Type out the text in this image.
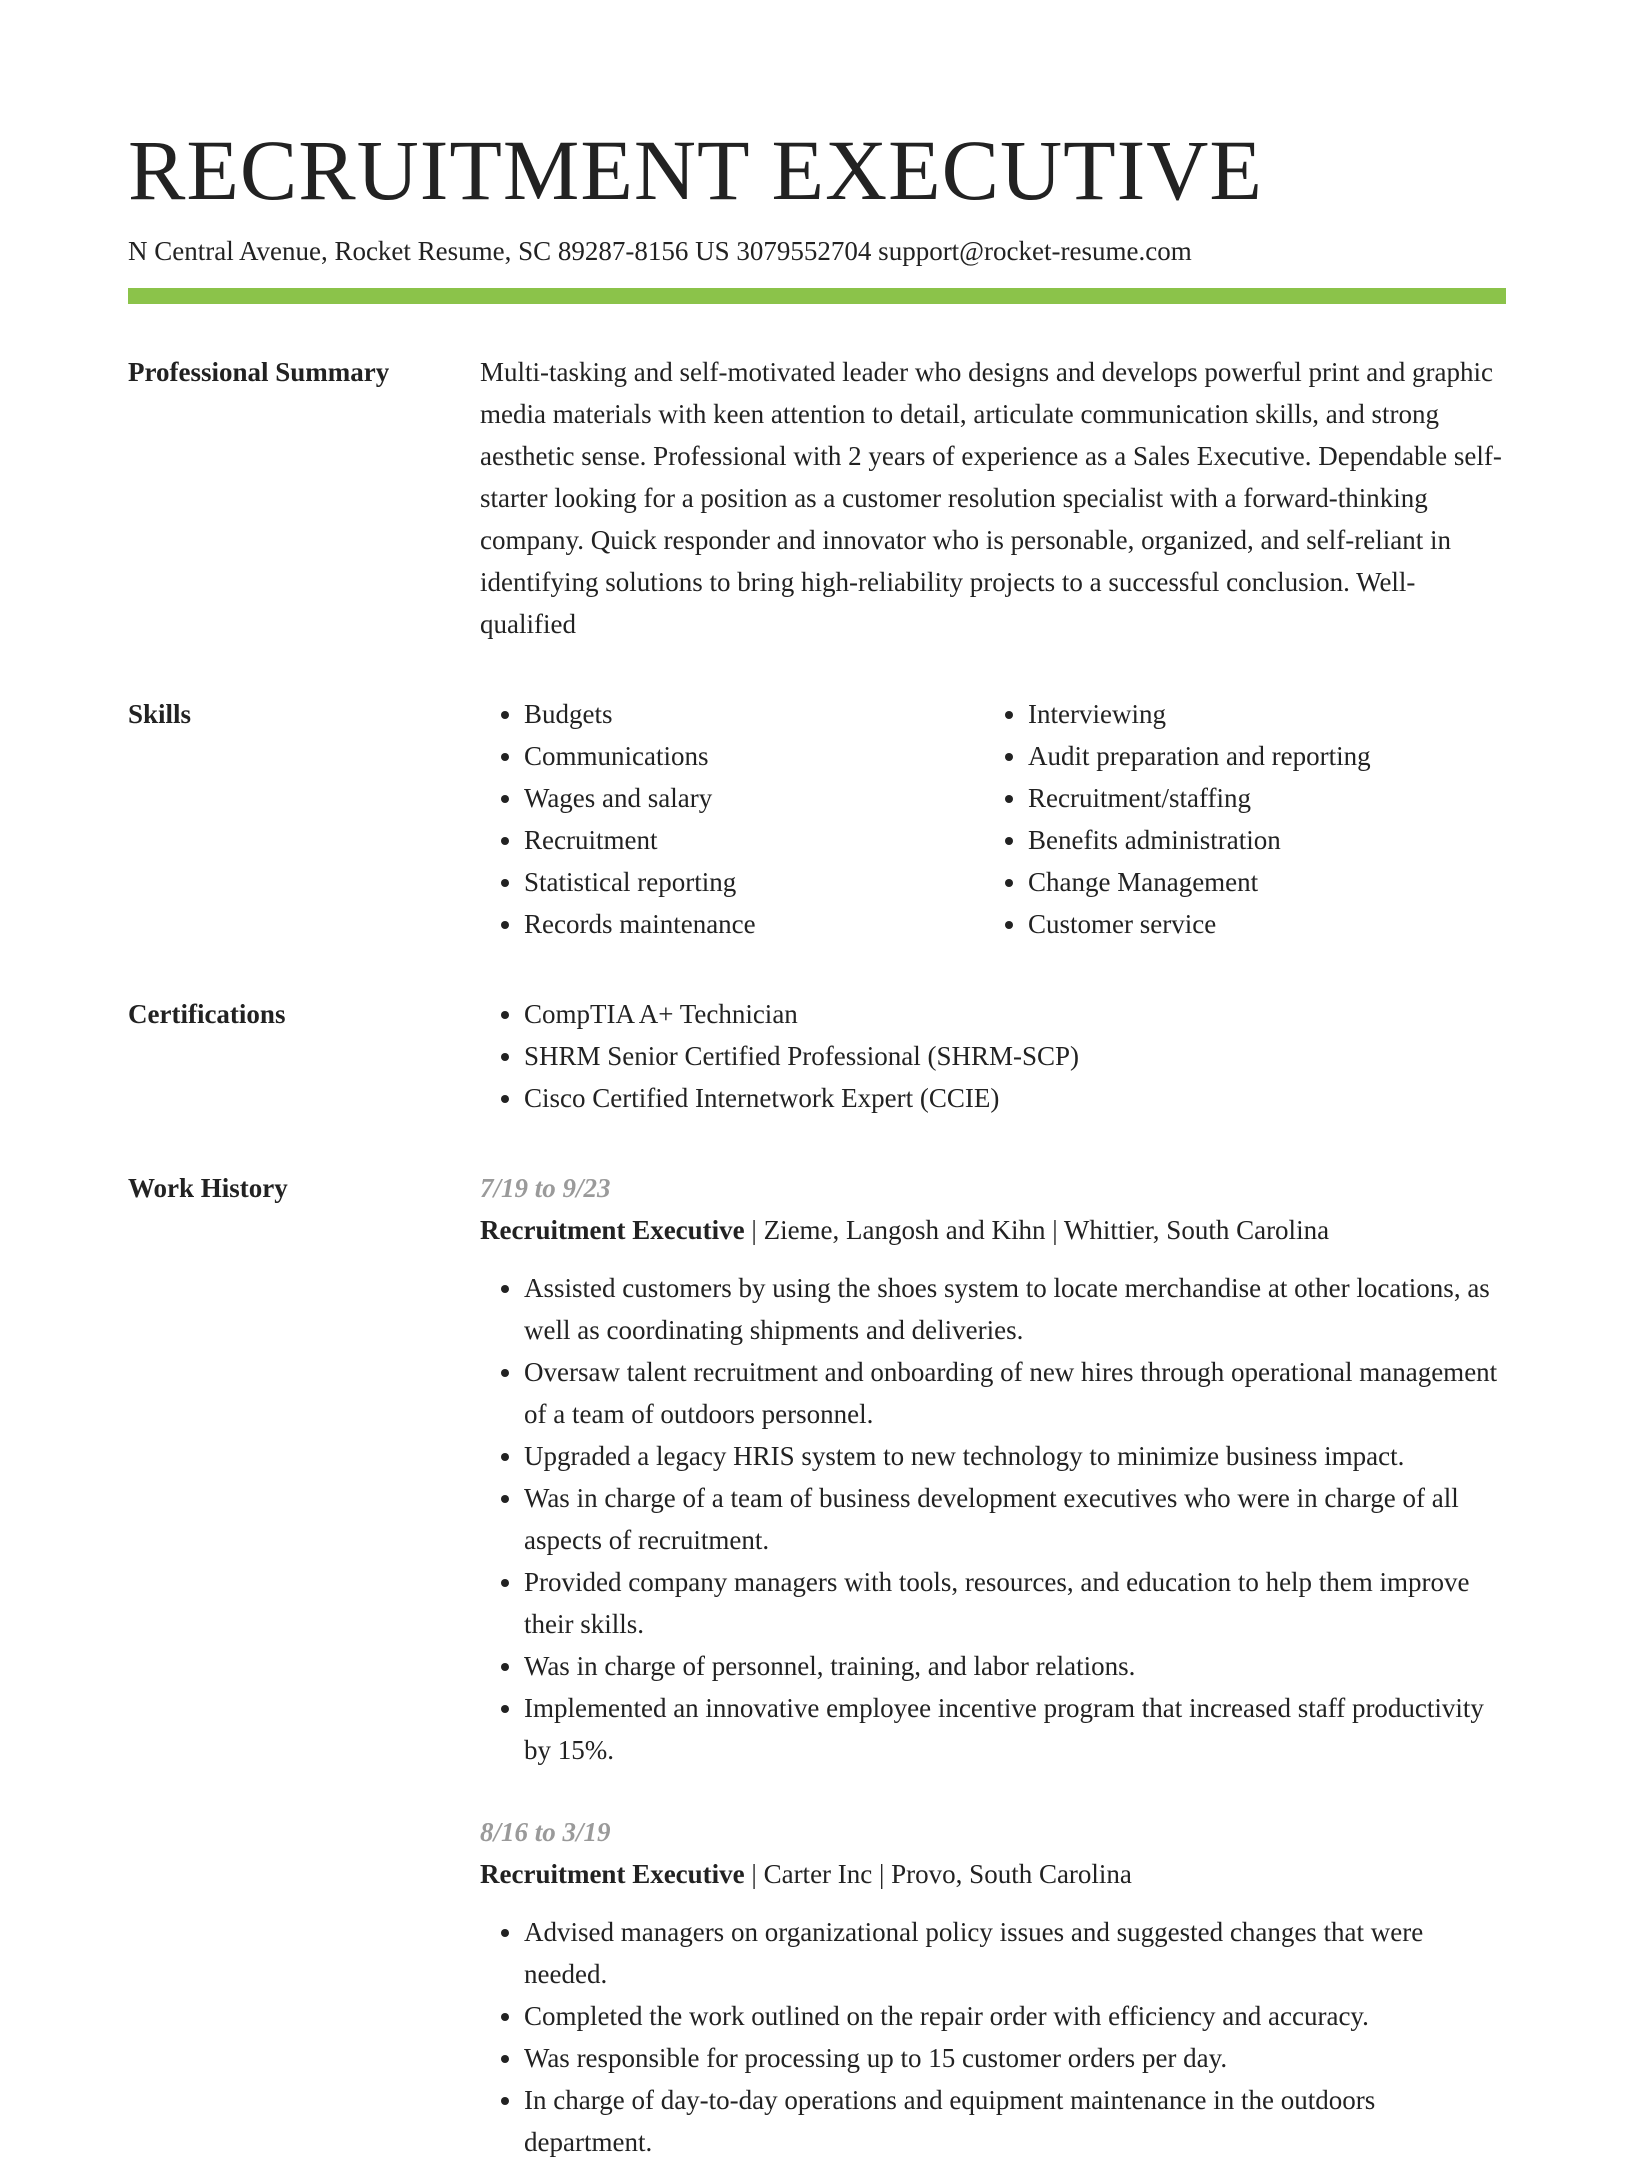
RECRUITMENT EXECUTIVE
N Central Avenue, Rocket Resume, SC 89287-8156 US 3079552704 support@rocket-resume.com
Professional Summary	Multi-tasking and self-motivated leader who designs and develops powerful print and graphic media materials with keen attention to detail, articulate communication skills, and strong aesthetic sense. Professional with 2 years of experience as a Sales Executive. Dependable self-starter looking for a position as a customer resolution specialist with a forward-thinking company. Quick responder and innovator who is personable, organized, and self-reliant in identifying solutions to bring high-reliability projects to a successful conclusion. Well-qualified

Skills	• Budgets
• Communications
• Wages and salary
• Recruitment
• Statistical reporting
• Records maintenance
• Interviewing
• Audit preparation and reporting
• Recruitment/staffing
• Benefits administration
• Change Management
• Customer service
Certifications	• CompTIA A+ Technician
• SHRM Senior Certified Professional (SHRM-SCP)
• Cisco Certified Internetwork Expert (CCIE)
Work History	7/19 to 9/23
Recruitment Executive | Zieme, Langosh and Kihn | Whittier, South Carolina
• Assisted customers by using the shoes system to locate merchandise at other locations, as well as coordinating shipments and deliveries.
• Oversaw talent recruitment and onboarding of new hires through operational management of a team of outdoors personnel.
• Upgraded a legacy HRIS system to new technology to minimize business impact.
• Was in charge of a team of business development executives who were in charge of all aspects of recruitment.
• Provided company managers with tools, resources, and education to help them improve their skills.
• Was in charge of personnel, training, and labor relations.
• Implemented an innovative employee incentive program that increased staff productivity by 15%.
8/16 to 3/19
Recruitment Executive | Carter Inc | Provo, South Carolina
• Advised managers on organizational policy issues and suggested changes that were needed.
• Completed the work outlined on the repair order with efficiency and accuracy.
• Was responsible for processing up to 15 customer orders per day.
• In charge of day-to-day operations and equipment maintenance in the outdoors department.
